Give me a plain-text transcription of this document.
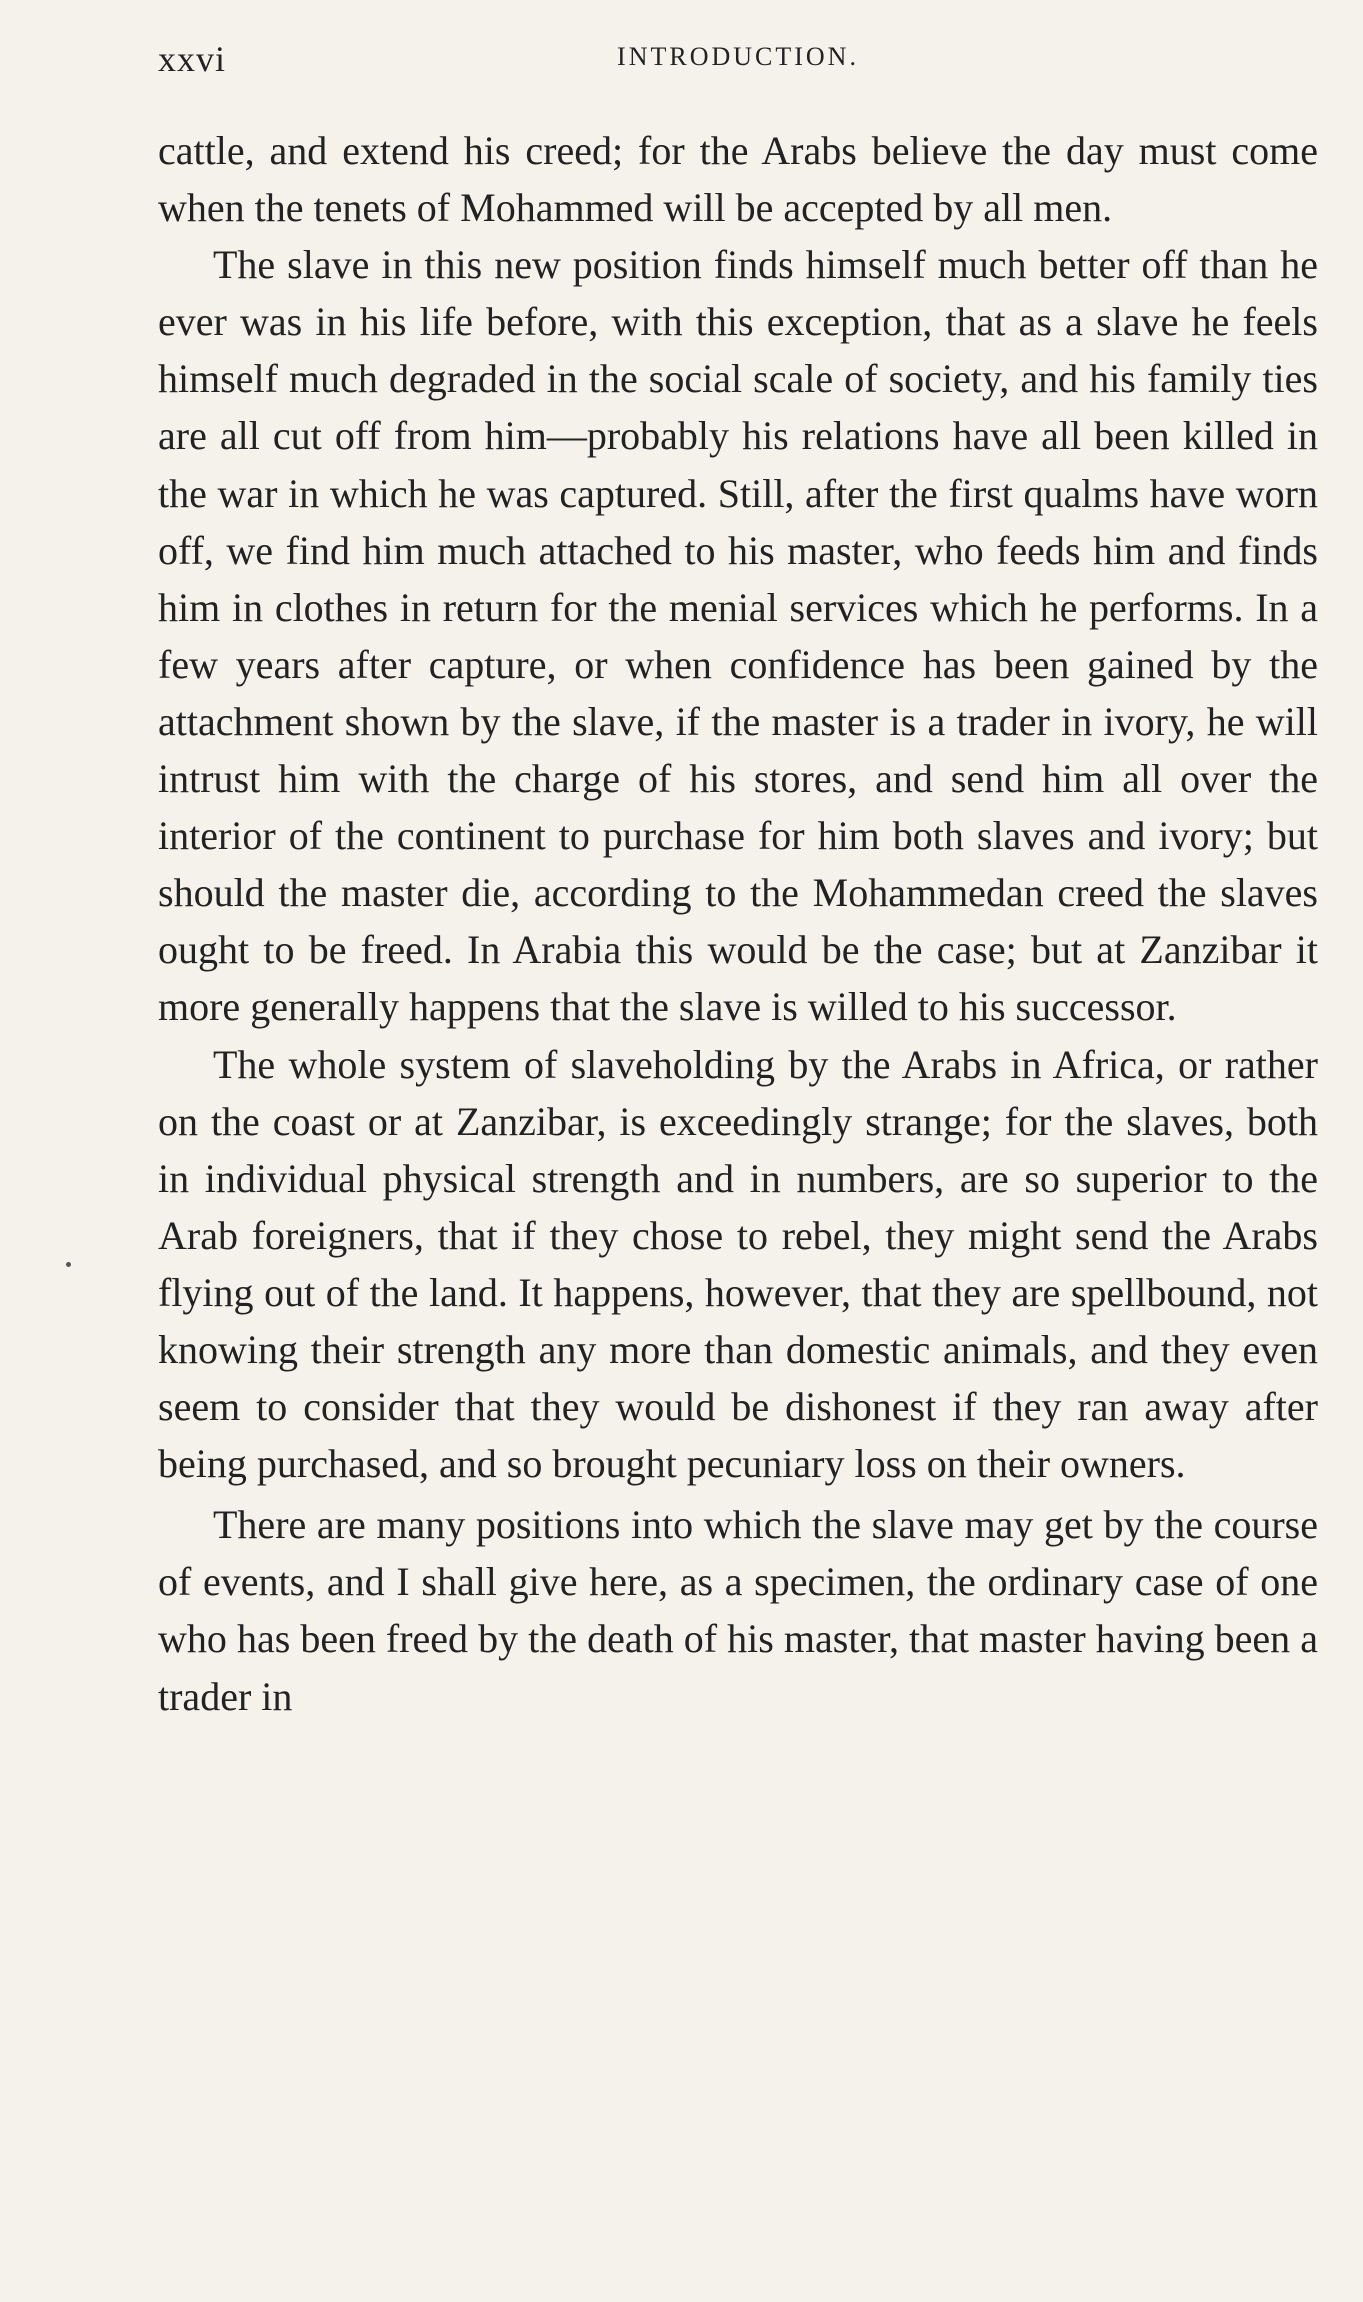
xxvi	INTRODUCTION.

cattle, and extend his creed; for the Arabs believe the day must come when the tenets of Mohammed will be accepted by all men.

The slave in this new position finds himself much better off than he ever was in his life before, with this exception, that as a slave he feels himself much degraded in the social scale of society, and his family ties are all cut off from him—probably his relations have all been killed in the war in which he was captured. Still, after the first qualms have worn off, we find him much attached to his master, who feeds him and finds him in clothes in return for the menial services which he performs. In a few years after capture, or when confidence has been gained by the attachment shown by the slave, if the master is a trader in ivory, he will intrust him with the charge of his stores, and send him all over the interior of the continent to purchase for him both slaves and ivory; but should the master die, according to the Mohammedan creed the slaves ought to be freed. In Arabia this would be the case; but at Zanzibar it more generally happens that the slave is willed to his successor.

The whole system of slaveholding by the Arabs in Africa, or rather on the coast or at Zanzibar, is exceedingly strange; for the slaves, both in individual physical strength and in numbers, are so superior to the Arab foreigners, that if they chose to rebel, they might send the Arabs flying out of the land. It happens, however, that they are spellbound, not knowing their strength any more than domestic animals, and they even seem to consider that they would be dishonest if they ran away after being purchased, and so brought pecuniary loss on their owners.

There are many positions into which the slave may get by the course of events, and I shall give here, as a specimen, the ordinary case of one who has been freed by the death of his master, that master having been a trader in
